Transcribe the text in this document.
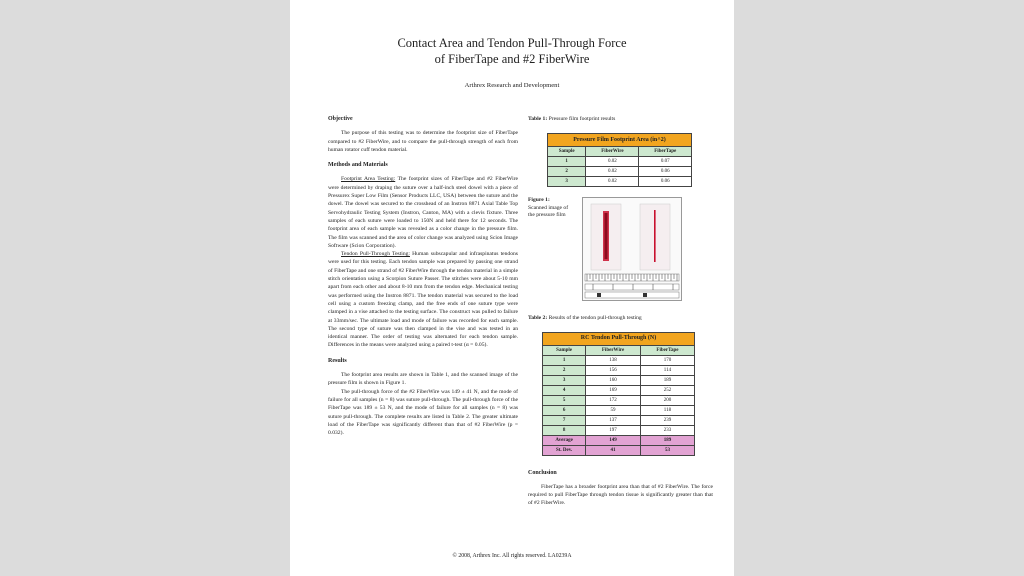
Contact Area and Tendon Pull-Through Force
of FiberTape and #2 FiberWire
Arthrex Research and Development
Objective

The purpose of this testing was to determine the footprint size of FiberTape compared to #2 FiberWire, and to compare the pull-through strength of each from human rotator cuff tendon material.

Methods and Materials

Footprint Area Testing: The footprint sizes of FiberTape and #2 FiberWire were determined by draping the suture over a half-inch steel dowel with a piece of Pressurex Super Low Film (Sensor Products LLC, USA) between the suture and the dowel. The dowel was secured to the crosshead of an Instron 8871 Axial Table Top Servohydraulic Testing System (Instron, Canton, MA) with a clevis fixture. Three samples of each suture were loaded to 150N and held there for 12 seconds. The footprint area of each sample was revealed as a color change in the pressure film. The film was scanned and the area of color change was analyzed using Scion Image Software (Scion Corporation).

Tendon Pull-Through Testing: Human subscapular and infraspinatus tendons were used for this testing. Each tendon sample was prepared by passing one strand of FiberTape and one strand of #2 FiberWire through the tendon material in a simple stitch orientation using a Scorpion Suture Passer. The stitches were about 5-10 mm apart from each other and about 8-10 mm from the tendon edge. Mechanical testing was performed using the Instron 8871. The tendon material was secured to the load cell using a custom freezing clamp, and the free ends of one suture type were clamped in a vise attached to the testing surface. The construct was pulled to failure at 33mm/sec. The ultimate load and mode of failure was recorded for each sample. The second type of suture was then clamped in the vise and was tested in an identical manner. The order of testing was alternated for each tendon sample. Differences in the means were analyzed using a paired t-test (α = 0.05).

Results

The footprint area results are shown in Table 1, and the scanned image of the pressure film is shown in Figure 1.

The pull-through force of the #2 FiberWire was 149 ± 41 N, and the mode of failure for all samples (n = 8) was suture pull-through. The pull-through force of the FiberTape was 189 ± 53 N, and the mode of failure for all samples (n = 8) was suture pull-through. The complete results are listed in Table 2. The greater ultimate load of the FiberTape was significantly different than that of #2 FiberWire (p = 0.032).

Table 1: Pressure film footprint results
Pressure Film Footprint Area (in^2)		
Sample	FiberWire	FiberTape
1	0.02	0.07
2	0.02	0.06
3	0.02	0.06
Figure 1:
Scanned image of the pressure film
Table 2: Results of the tendon pull-through testing
RC Tendon Pull-Through (N)		
Sample	FiberWire	FiberTape
1	138	170
2	156	114
3	160	189
4	169	252
5	172	200
6	59	118
7	137	239
8	197	233
Average	149	189
St. Dev.	41	53
Conclusion

FiberTape has a broader footprint area than that of #2 FiberWire. The force required to pull FiberTape through tendon tissue is significantly greater than that of #2 FiberWire.

© 2008, Arthrex Inc. All rights reserved. LA0239A
